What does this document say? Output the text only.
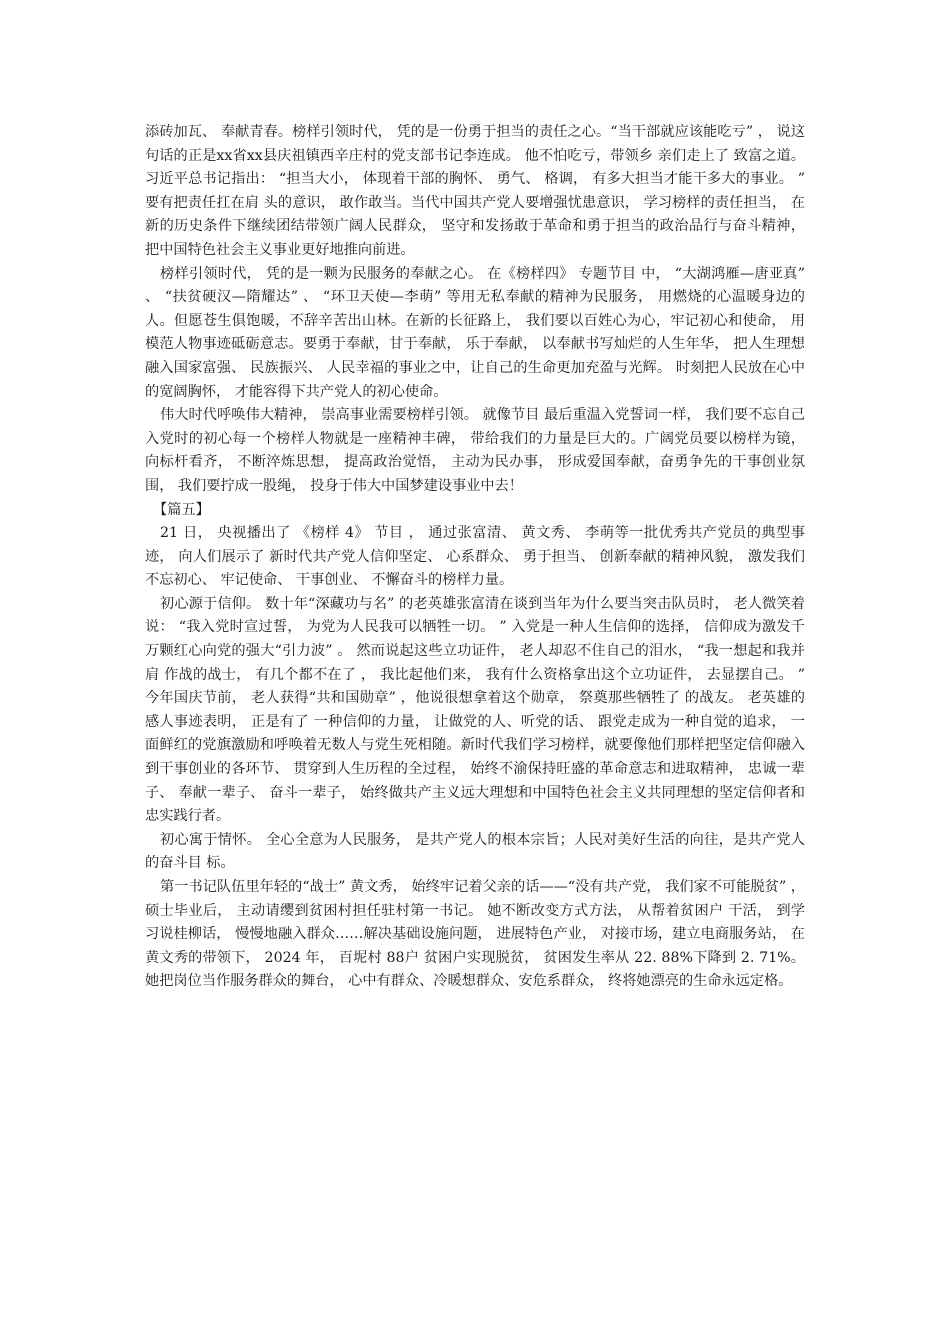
添砖加瓦、 奉献青春。榜样引领时代， 凭的是一份勇于担当的责任之心。“当干部就应该能吃亏” ， 说这句话的正是xx省xx县庆祖镇西辛庄村的党支部书记李连成。 他不怕吃亏，带领乡 亲们走上了 致富之道。 习近平总书记指出： “担当大小， 体现着干部的胸怀、 勇气、 格调， 有多大担当才能干多大的事业。 ” 要有把责任扛在肩 头的意识， 敢作敢当。当代中国共产党人要增强忧患意识， 学习榜样的责任担当， 在新的历史条件下继续团结带领广阔人民群众， 坚守和发扬敢于革命和勇于担当的政治品行与奋斗精神， 把中国特色社会主义事业更好地推向前进。

榜样引领时代， 凭的是一颗为民服务的奉献之心。 在《榜样四》 专题节目 中， “大湖鸿雁—唐亚真” 、 “扶贫硬汉—隋耀达” 、 “环卫天使—李萌” 等用无私奉献的精神为民服务， 用燃烧的心温暖身边的人。但愿苍生俱饱暖，不辞辛苦出山林。在新的长征路上， 我们要以百姓心为心，牢记初心和使命， 用模范人物事迹砥砺意志。要勇于奉献，甘于奉献， 乐于奉献， 以奉献书写灿烂的人生年华， 把人生理想融入国家富强、 民族振兴、 人民幸福的事业之中，让自己的生命更加充盈与光辉。 时刻把人民放在心中的宽阔胸怀， 才能容得下共产党人的初心使命。

伟大时代呼唤伟大精神， 崇高事业需要榜样引领。 就像节目 最后重温入党誓词一样， 我们要不忘自己入党时的初心每一个榜样人物就是一座精神丰碑， 带给我们的力量是巨大的。广阔党员要以榜样为镜， 向标杆看齐， 不断淬炼思想， 提高政治觉悟， 主动为民办事， 形成爱国奉献，奋勇争先的干事创业氛围， 我们要拧成一股绳， 投身于伟大中国梦建设事业中去！

【篇五】

21 日， 央视播出了 《榜样 4》 节目 ， 通过张富清、 黄文秀、 李萌等一批优秀共产党员的典型事迹， 向人们展示了 新时代共产党人信仰坚定、 心系群众、 勇于担当、 创新奉献的精神风貌， 激发我们不忘初心、 牢记使命、 干事创业、 不懈奋斗的榜样力量。

初心源于信仰。 数十年“深藏功与名” 的老英雄张富清在谈到当年为什么要当突击队员时， 老人微笑着说： “我入党时宣过誓， 为党为人民我可以牺牲一切。 ” 入党是一种人生信仰的选择， 信仰成为激发千万颗红心向党的强大“引力波” 。 然而说起这些立功证件， 老人却忍不住自己的泪水， “我一想起和我并肩 作战的战士， 有几个都不在了 ， 我比起他们来， 我有什么资格拿出这个立功证件， 去显摆自己。 ” 今年国庆节前， 老人获得“共和国勋章” ，他说很想拿着这个勋章， 祭奠那些牺牲了 的战友。 老英雄的感人事迹表明， 正是有了 一种信仰的力量， 让做党的人、听党的话、 跟党走成为一种自觉的追求， 一面鲜红的党旗激励和呼唤着无数人与党生死相随。新时代我们学习榜样，就要像他们那样把坚定信仰融入到干事创业的各环节、 贯穿到人生历程的全过程， 始终不渝保持旺盛的革命意志和进取精神， 忠诚一辈子、 奉献一辈子、 奋斗一辈子， 始终做共产主义远大理想和中国特色社会主义共同理想的坚定信仰者和忠实践行者。

初心寓于情怀。 全心全意为人民服务， 是共产党人的根本宗旨；人民对美好生活的向往，是共产党人的奋斗目 标。

第一书记队伍里年轻的“战士” 黄文秀， 始终牢记着父亲的话——“没有共产党， 我们家不可能脱贫” ， 硕士毕业后， 主动请缨到贫困村担任驻村第一书记。 她不断改变方式方法， 从帮着贫困户 干活， 到学习说桂柳话， 慢慢地融入群众……解决基础设施问题， 进展特色产业， 对接市场，建立电商服务站， 在黄文秀的带领下， 2024 年， 百坭村 88户 贫困户实现脱贫， 贫困发生率从 22. 88%下降到 2. 71%。她把岗位当作服务群众的舞台， 心中有群众、冷暖想群众、安危系群众， 终将她漂亮的生命永远定格。
